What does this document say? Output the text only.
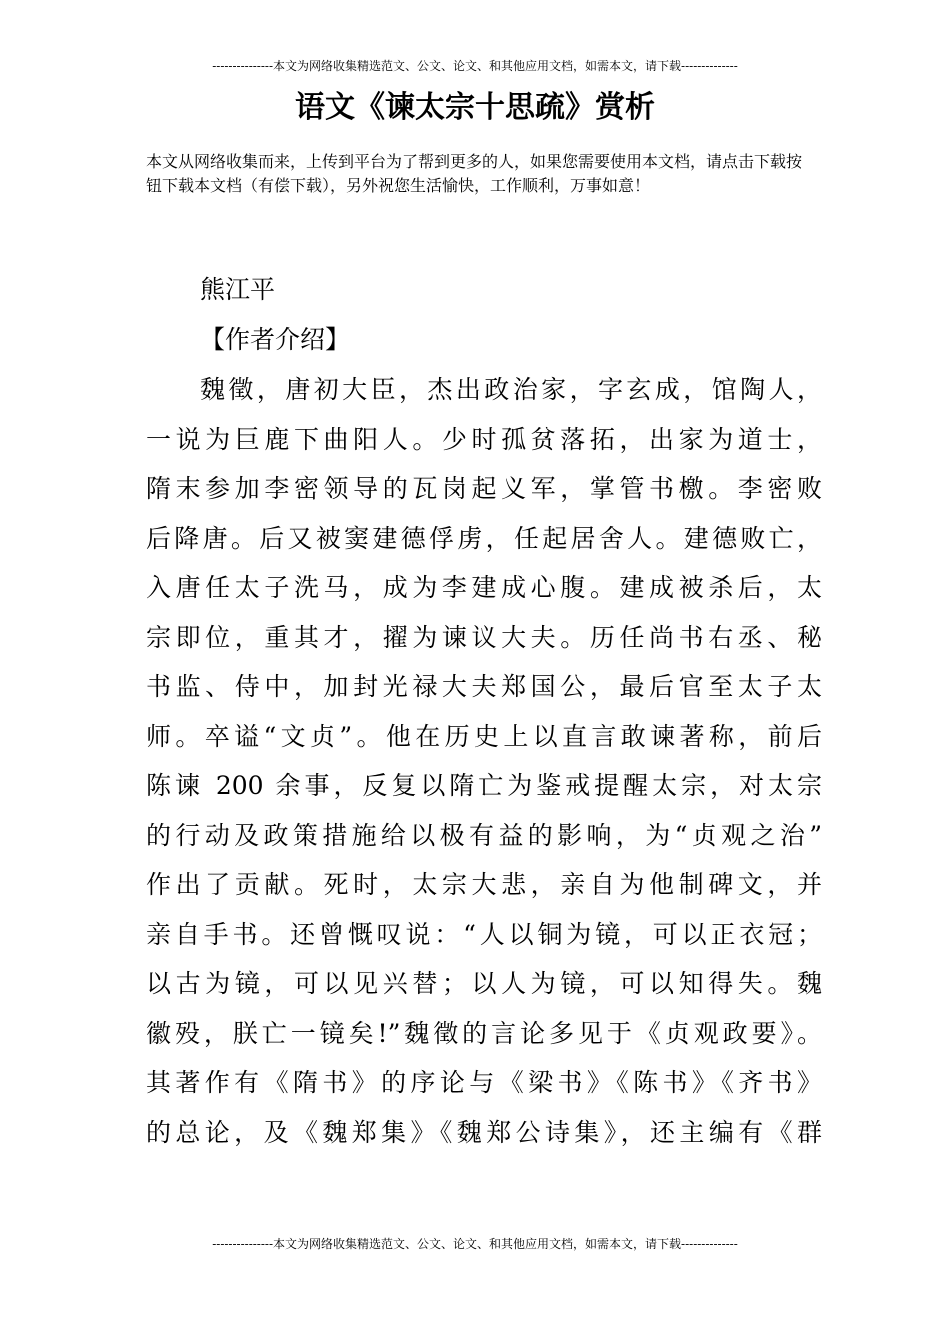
---------------本文为网络收集精选范文、公文、论文、和其他应用文档，如需本文，请下载--------------
语文《谏太宗十思疏》赏析

本文从网络收集而来，上传到平台为了帮到更多的人，如果您需要使用本文档，请点击下载按钮下载本文档（有偿下载），另外祝您生活愉快，工作顺利，万事如意！

熊江平
【作者介绍】
魏徵，唐初大臣，杰出政治家，字玄成，馆陶人，
一说为巨鹿下曲阳人。少时孤贫落拓，出家为道士，
隋末参加李密领导的瓦岗起义军，掌管书檄。李密败
后降唐。后又被窦建德俘虏，任起居舍人。建德败亡，
入唐任太子洗马，成为李建成心腹。建成被杀后，太
宗即位，重其才，擢为谏议大夫。历任尚书右丞、秘
书监、侍中，加封光禄大夫郑国公，最后官至太子太
师。卒谥“文贞”。他在历史上以直言敢谏著称，前后
陈谏 200 余事，反复以隋亡为鉴戒提醒太宗，对太宗
的行动及政策措施给以极有益的影响，为“贞观之治”
作出了贡献。死时，太宗大悲，亲自为他制碑文，并
亲自手书。还曾慨叹说：“人以铜为镜，可以正衣冠；
以古为镜，可以见兴替；以人为镜，可以知得失。魏
徽殁，朕亡一镜矣!”魏徵的言论多见于《贞观政要》。
其著作有《隋书》的序论与《梁书》《陈书》《齐书》
的总论，及《魏郑集》《魏郑公诗集》，还主编有《群
---------------本文为网络收集精选范文、公文、论文、和其他应用文档，如需本文，请下载--------------
